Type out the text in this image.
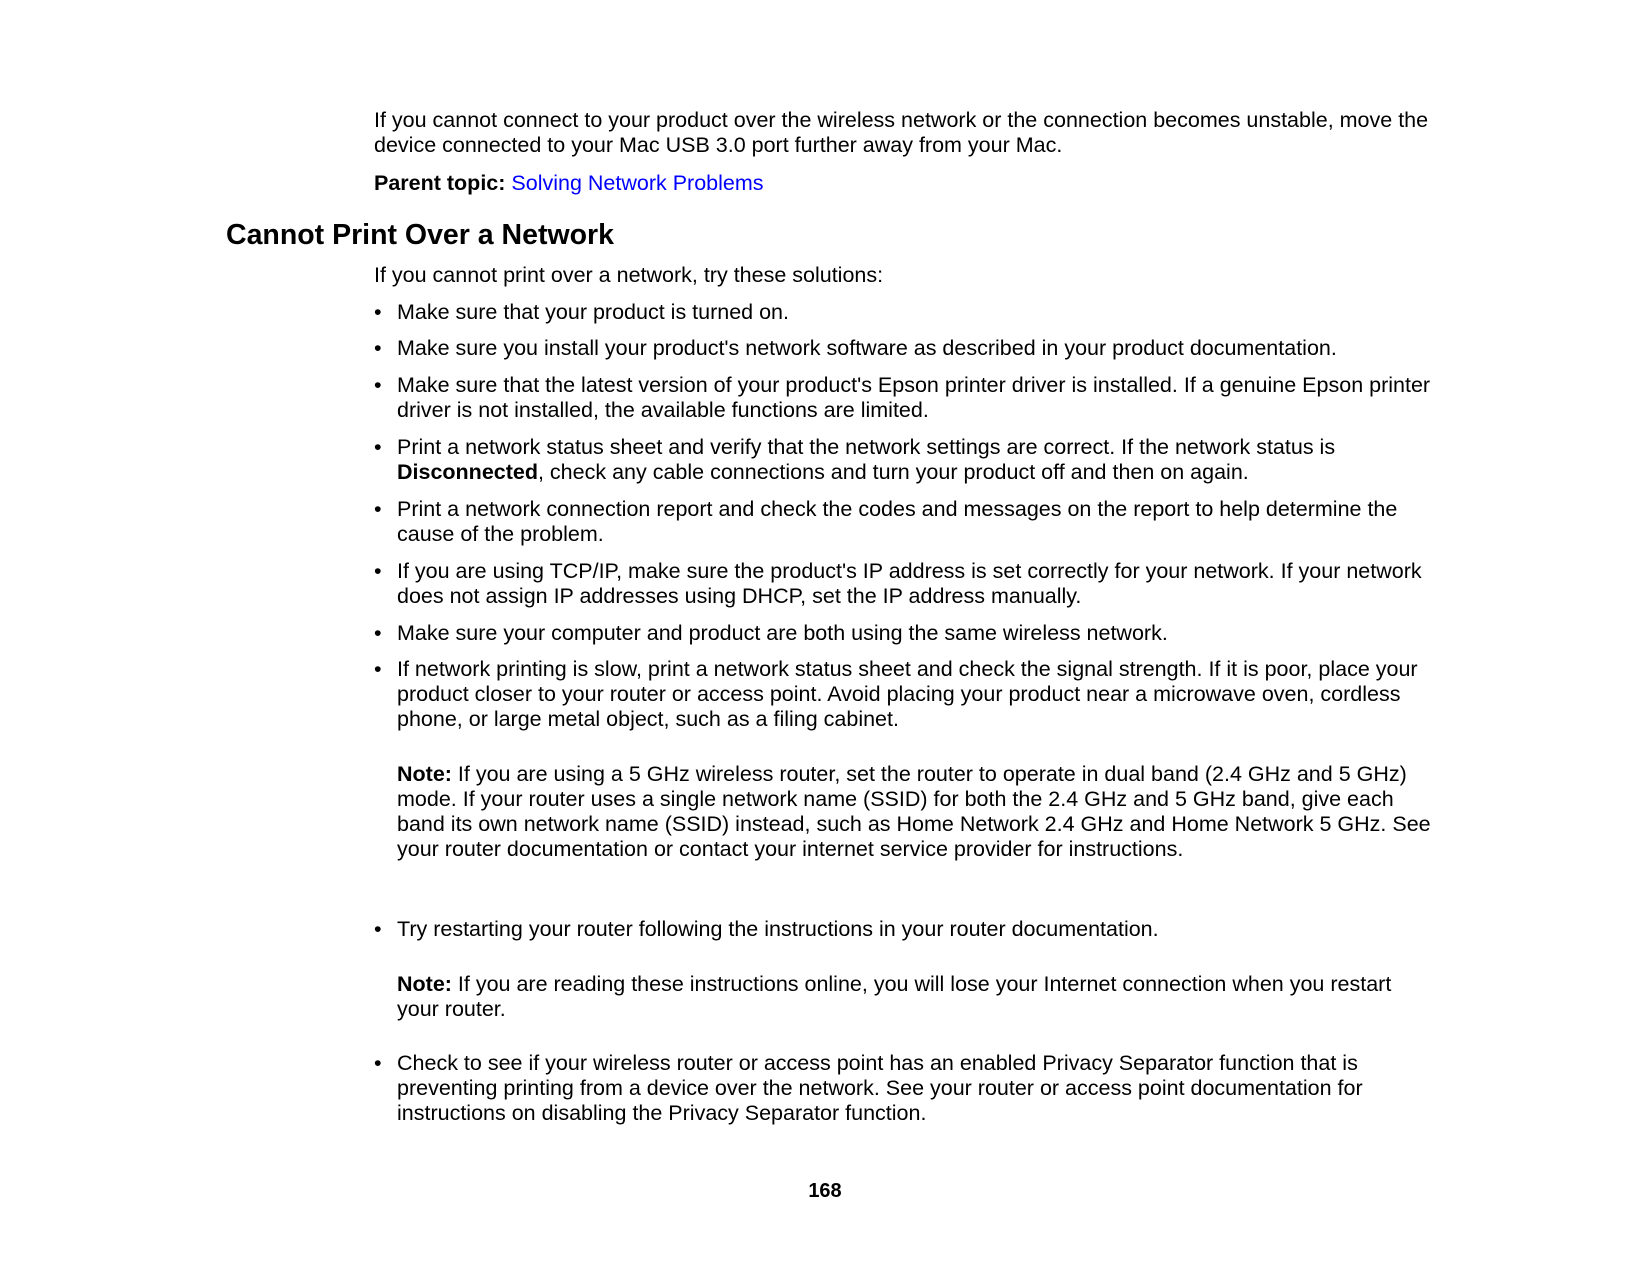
If you cannot connect to your product over the wireless network or the connection becomes unstable, move the device connected to your Mac USB 3.0 port further away from your Mac.
Parent topic: Solving Network Problems
Cannot Print Over a Network
If you cannot print over a network, try these solutions:
• Make sure that your product is turned on.
• Make sure you install your product's network software as described in your product documentation.
• Make sure that the latest version of your product's Epson printer driver is installed. If a genuine Epson printer driver is not installed, the available functions are limited.
• Print a network status sheet and verify that the network settings are correct. If the network status is Disconnected, check any cable connections and turn your product off and then on again.
• Print a network connection report and check the codes and messages on the report to help determine the cause of the problem.
• If you are using TCP/IP, make sure the product's IP address is set correctly for your network. If your network does not assign IP addresses using DHCP, set the IP address manually.
• Make sure your computer and product are both using the same wireless network.
• If network printing is slow, print a network status sheet and check the signal strength. If it is poor, place your product closer to your router or access point. Avoid placing your product near a microwave oven, cordless phone, or large metal object, such as a filing cabinet.
Note: If you are using a 5 GHz wireless router, set the router to operate in dual band (2.4 GHz and 5 GHz) mode. If your router uses a single network name (SSID) for both the 2.4 GHz and 5 GHz band, give each band its own network name (SSID) instead, such as Home Network 2.4 GHz and Home Network 5 GHz. See your router documentation or contact your internet service provider for instructions.
• Try restarting your router following the instructions in your router documentation.
Note: If you are reading these instructions online, you will lose your Internet connection when you restart your router.
• Check to see if your wireless router or access point has an enabled Privacy Separator function that is preventing printing from a device over the network. See your router or access point documentation for instructions on disabling the Privacy Separator function.
168
